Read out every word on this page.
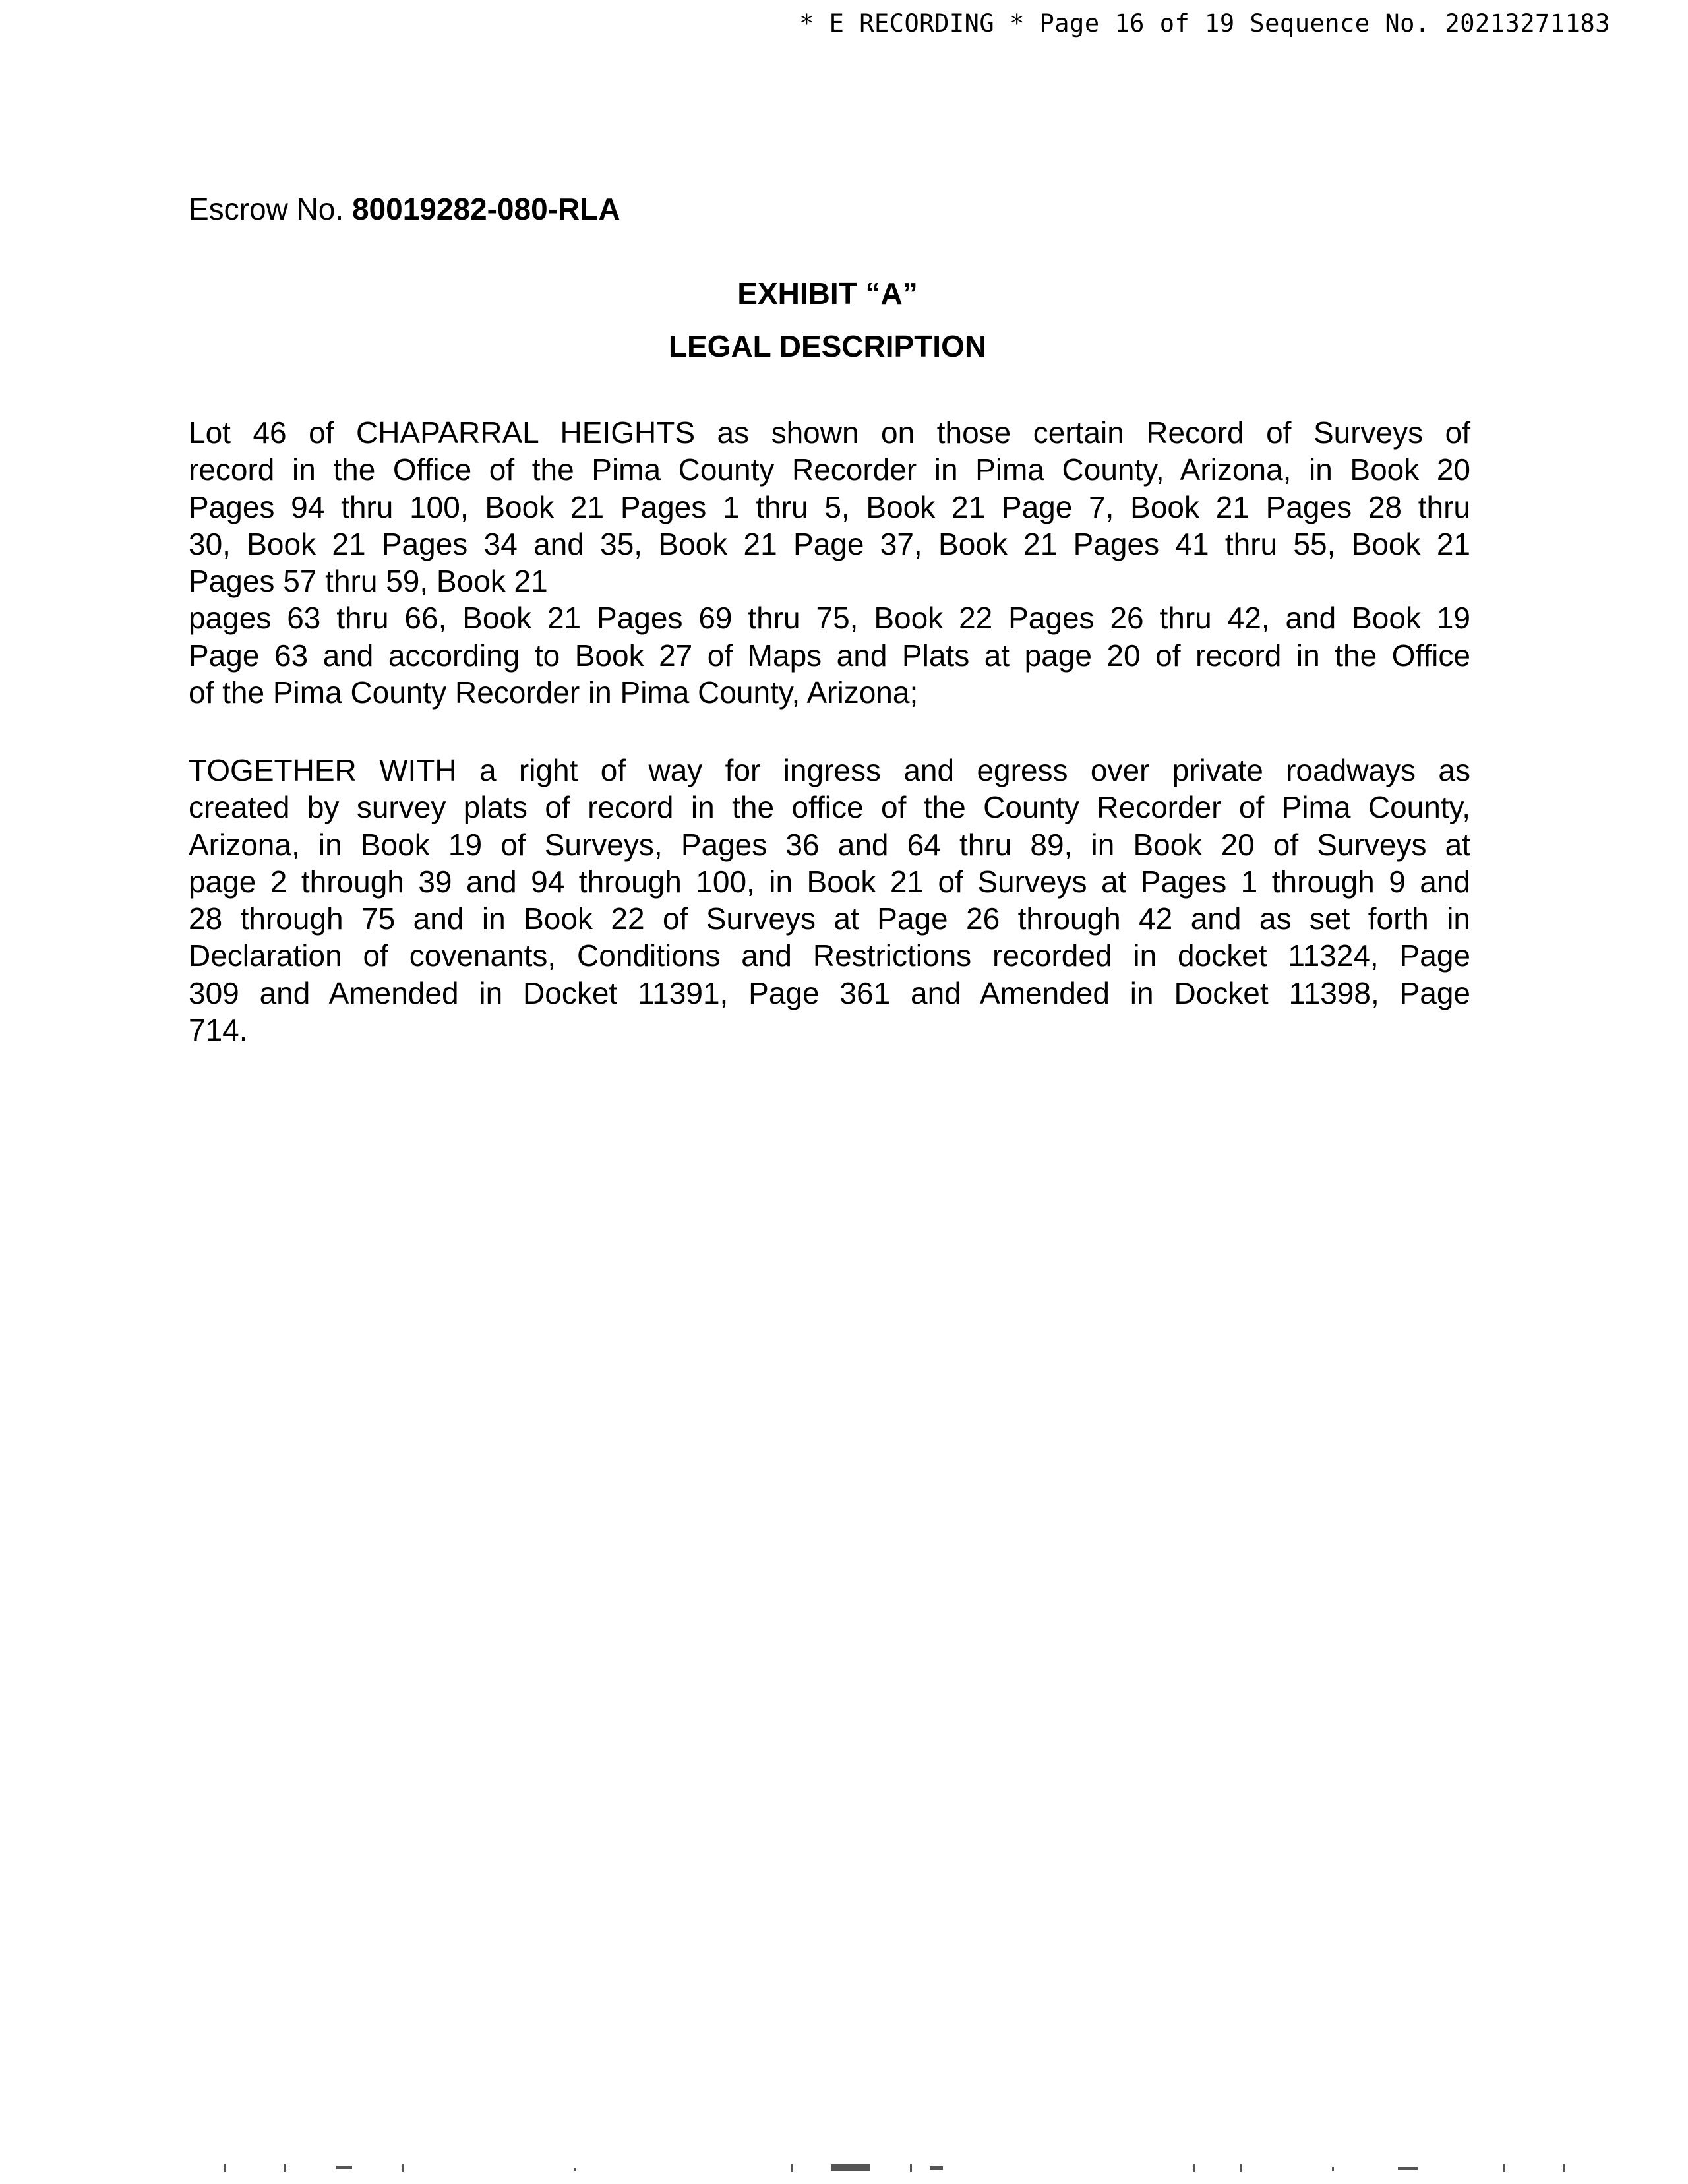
* E RECORDING * Page 16 of 19 Sequence No. 20213271183
Escrow No. 80019282-080-RLA
EXHIBIT “A”
LEGAL DESCRIPTION
Lot 46 of CHAPARRAL HEIGHTS as shown on those certain Record of Surveys of
record in the Office of the Pima County Recorder in Pima County, Arizona, in Book 20
Pages 94 thru 100, Book 21 Pages 1 thru 5, Book 21 Page 7, Book 21 Pages 28 thru
30, Book 21 Pages 34 and 35, Book 21 Page 37, Book 21 Pages 41 thru 55, Book 21
Pages 57 thru 59, Book 21
pages 63 thru 66, Book 21 Pages 69 thru 75, Book 22 Pages 26 thru 42, and Book 19
Page 63 and according to Book 27 of Maps and Plats at page 20 of record in the Office
of the Pima County Recorder in Pima County, Arizona;
TOGETHER WITH a right of way for ingress and egress over private roadways as
created by survey plats of record in the office of the County Recorder of Pima County,
Arizona, in Book 19 of Surveys, Pages 36 and 64 thru 89, in Book 20 of Surveys at
page 2 through 39 and 94 through 100, in Book 21 of Surveys at Pages 1 through 9 and
28 through 75 and in Book 22 of Surveys at Page 26 through 42 and as set forth in
Declaration of covenants, Conditions and Restrictions recorded in docket 11324, Page
309 and Amended in Docket 11391, Page 361 and Amended in Docket 11398, Page
714.
